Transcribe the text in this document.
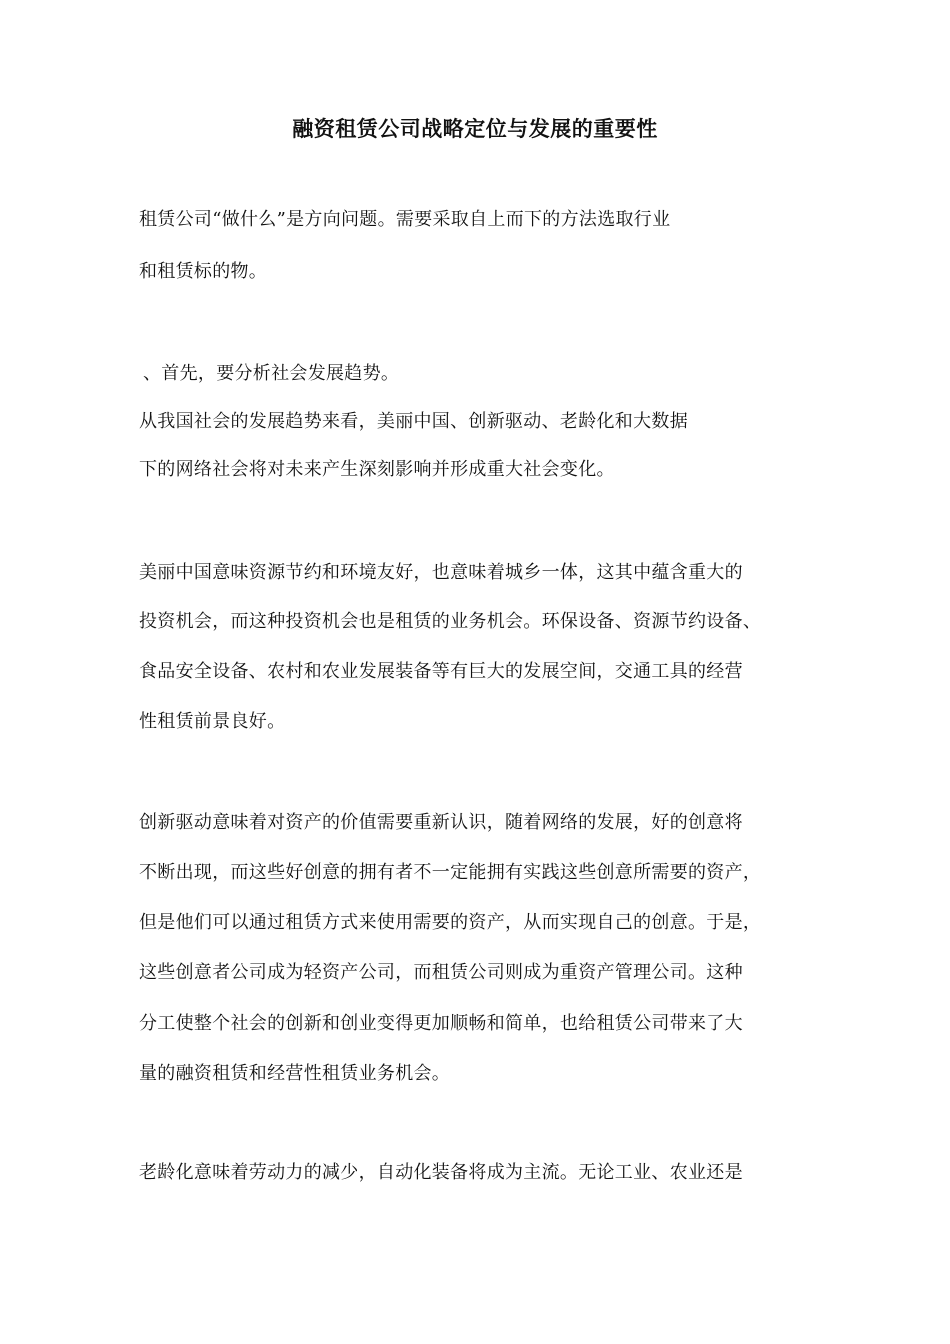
融资租赁公司战略定位与发展的重要性
租赁公司“做什么”是方向问题。需要采取自上而下的方法选取行业
和租赁标的物。
、首先，要分析社会发展趋势。
从我国社会的发展趋势来看，美丽中国、创新驱动、老龄化和大数据
下的网络社会将对未来产生深刻影响并形成重大社会变化。
美丽中国意味资源节约和环境友好，也意味着城乡一体，这其中蕴含重大的
投资机会，而这种投资机会也是租赁的业务机会。环保设备、资源节约设备、
食品安全设备、农村和农业发展装备等有巨大的发展空间，交通工具的经营
性租赁前景良好。
创新驱动意味着对资产的价值需要重新认识，随着网络的发展，好的创意将
不断出现，而这些好创意的拥有者不一定能拥有实践这些创意所需要的资产，
但是他们可以通过租赁方式来使用需要的资产，从而实现自己的创意。于是，
这些创意者公司成为轻资产公司，而租赁公司则成为重资产管理公司。这种
分工使整个社会的创新和创业变得更加顺畅和简单，也给租赁公司带来了大
量的融资租赁和经营性租赁业务机会。
老龄化意味着劳动力的减少，自动化装备将成为主流。无论工业、农业还是
